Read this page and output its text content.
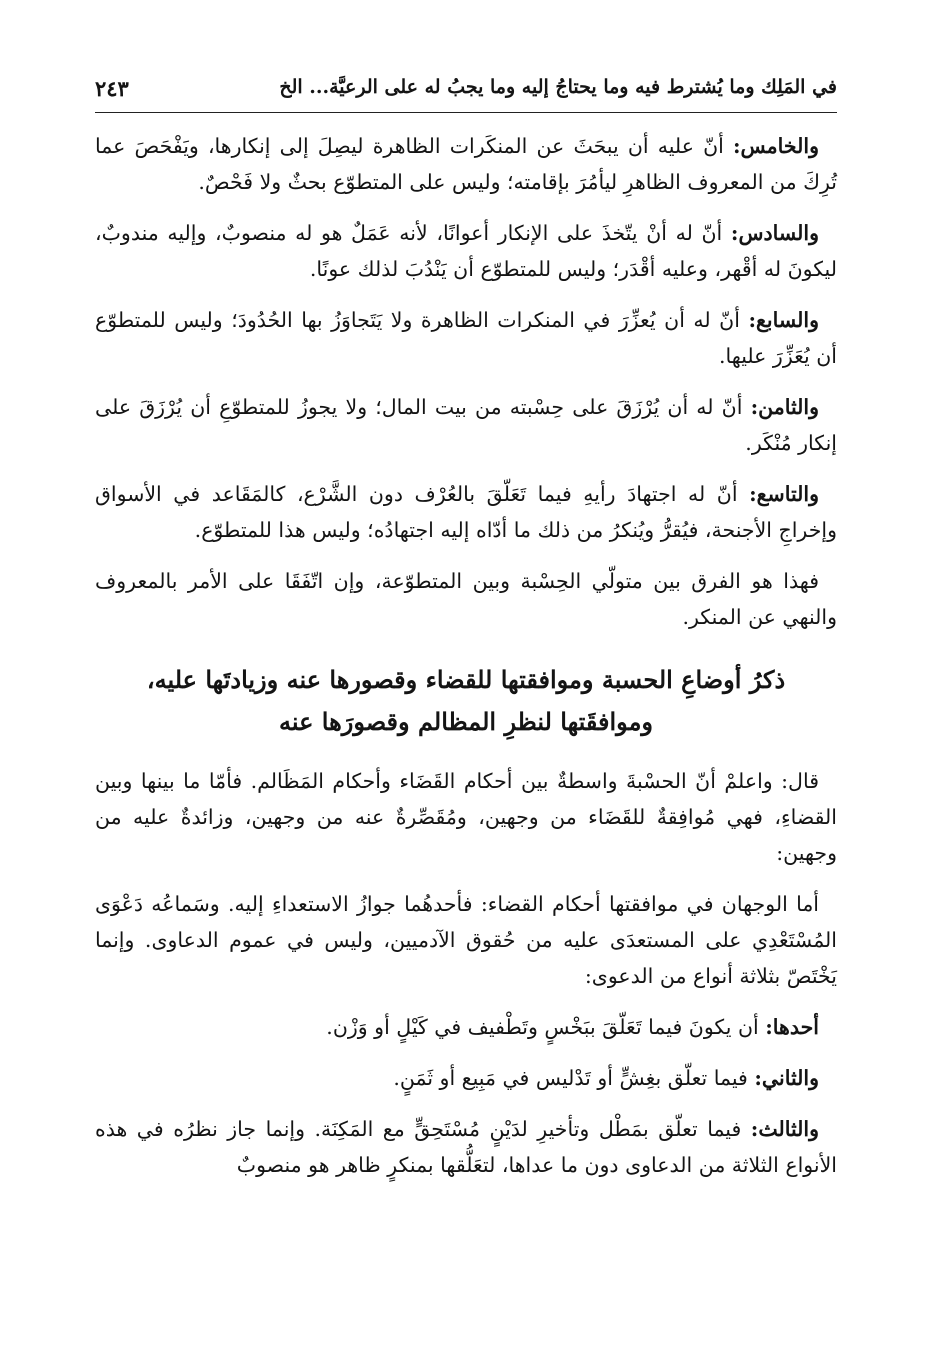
في المَلِك وما يُشترط فيه وما يحتاجُ إليه وما يجبُ له على الرعيَّة... الخ
٢٤٣

والخامس: أنّ عليه أن يبحَثَ عن المنكَرات الظاهرة ليصِلَ إلى إنكارها، ويَفْحَصَ عما تُرِكَ من المعروف الظاهرِ ليأمُرَ بإقامته؛ وليس على المتطوّع بحثٌ ولا فَحْصٌ.

والسادس: أنّ له أنْ يتّخذَ على الإنكار أعوانًا، لأنه عَمَلٌ هو له منصوبٌ، وإليه مندوبٌ، ليكونَ له أقْهر، وعليه أقْدَر؛ وليس للمتطوّع أن يَنْدُبَ لذلك عونًا.

والسابع: أنّ له أن يُعزِّرَ في المنكرات الظاهرة ولا يَتَجاوَزُ بها الحُدُودَ؛ وليس للمتطوّع أن يُعَزِّرَ عليها.

والثامن: أنّ له أن يُرْزَقَ على حِسْبته من بيت المال؛ ولا يجوزُ للمتطوّعِ أن يُرْزَقَ على إنكار مُنْكَر.

والتاسع: أنّ له اجتهادَ رأيهِ فيما تَعَلّقَ بالعُرْف دون الشَّرْع، كالمَقَاعد في الأسواق وإخراجِ الأجنحة، فيُقرُّ ويُنكرُ من ذلك ما أدّاه إليه اجتهادُه؛ وليس هذا للمتطوّع.

فهذا هو الفرق بين متولّي الحِسْبة وبين المتطوّعة، وإن اتّفَقَا على الأمر بالمعروف والنهي عن المنكر.

ذكرُ أوضاعِ الحسبة وموافقتها للقضاء وقصورها عنه وزيادتَها عليه،
وموافقَتها لنظرِ المظالم وقصورَها عنه

قال: واعلمْ أنّ الحسْبةَ واسطةٌ بين أحكام القَضَاء وأحكام المَظَالم. فأمّا ما بينها وبين القضاءِ، فهي مُوافِقةٌ للقَضَاء من وجهين، ومُقَصِّرةٌ عنه من وجهين، وزائدةٌ عليه من وجهين:

أما الوجهان في موافقتها أحكام القضاء: فأحدهُما جوازُ الاستعداءِ إليه. وسَماعُه دَعْوَى المُسْتَعْدِي على المستعدَى عليه من حُقوق الآدميين، وليس في عموم الدعاوى. وإنما يَخْتَصّ بثلاثة أنواع من الدعوى:

أحدها: أن يكونَ فيما تَعَلّقَ ببَخْسٍ وتَطْفيف في كَيْلٍ أو وَزْن.

والثاني: فيما تعلّق بغِشٍّ أو تَدْليس في مَبِيع أو ثَمَنٍ.

والثالث: فيما تعلّق بمَطْل وتأخيرِ لدَيْنٍ مُسْتَحِقٍّ مع المَكِنَة. وإنما جاز نظرُه في هذه الأنواع الثلاثة من الدعاوى دون ما عداها، لتعَلُّقها بمنكرٍ ظاهر هو منصوبٌ
